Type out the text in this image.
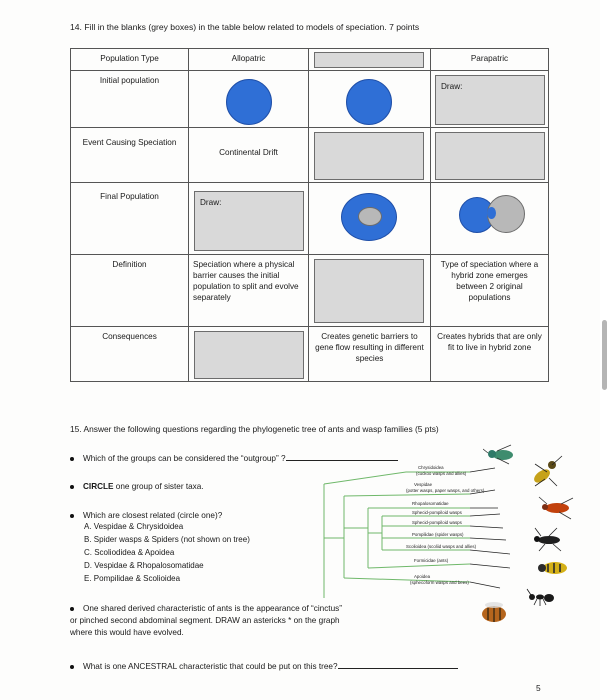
14. Fill in the blanks (grey boxes) in the table below related to models of speciation. 7 points
Population Type	Allopatric		Parapatric

Initial population			Draw:

Event Causing Speciation	Continental Drift		

Final Population	Draw:		

Definition	Speciation where a physical barrier causes the initial population to split and evolve separately		Type of speciation where a hybrid zone emerges between 2 original populations

Consequences		Creates genetic barriers to gene flow resulting in different species	Creates hybrids that are only fit to live in hybrid zone
15. Answer the following questions regarding the phylogenetic tree of ants and wasp families (5 pts)
Which of the groups can be considered the “outgroup” ?
CIRCLE one group of sister taxa.
Which are closest related (circle one)?
A. Vespidae & Chrysidoidea
B. Spider wasps & Spiders (not shown on tree)
C. Scoliodidea & Apoidea
D. Vespidae & Rhopalosomatidae
E. Pompilidae & Scolioidea
One shared derived characteristic of ants is the appearance of “cinctus”
or pinched second abdominal segment. DRAW an astericks * on the graph
where this would have evolved.
What is one ANCESTRAL characteristic that could be put on this tree?
Chrysidoidea
(cuckoo wasps and allies)
Vespidae
(potter wasps, paper wasps, and others)
Rhopalosomatidae
Sphecid-pompiloid wasps
Sphecid-pompiloid wasps
Pompilidae (spider wasps)
Scolioidea (scoliid wasps and allies)
Formicidae (ants)
Apoidea
(sphecoform wasps and bees)
5
